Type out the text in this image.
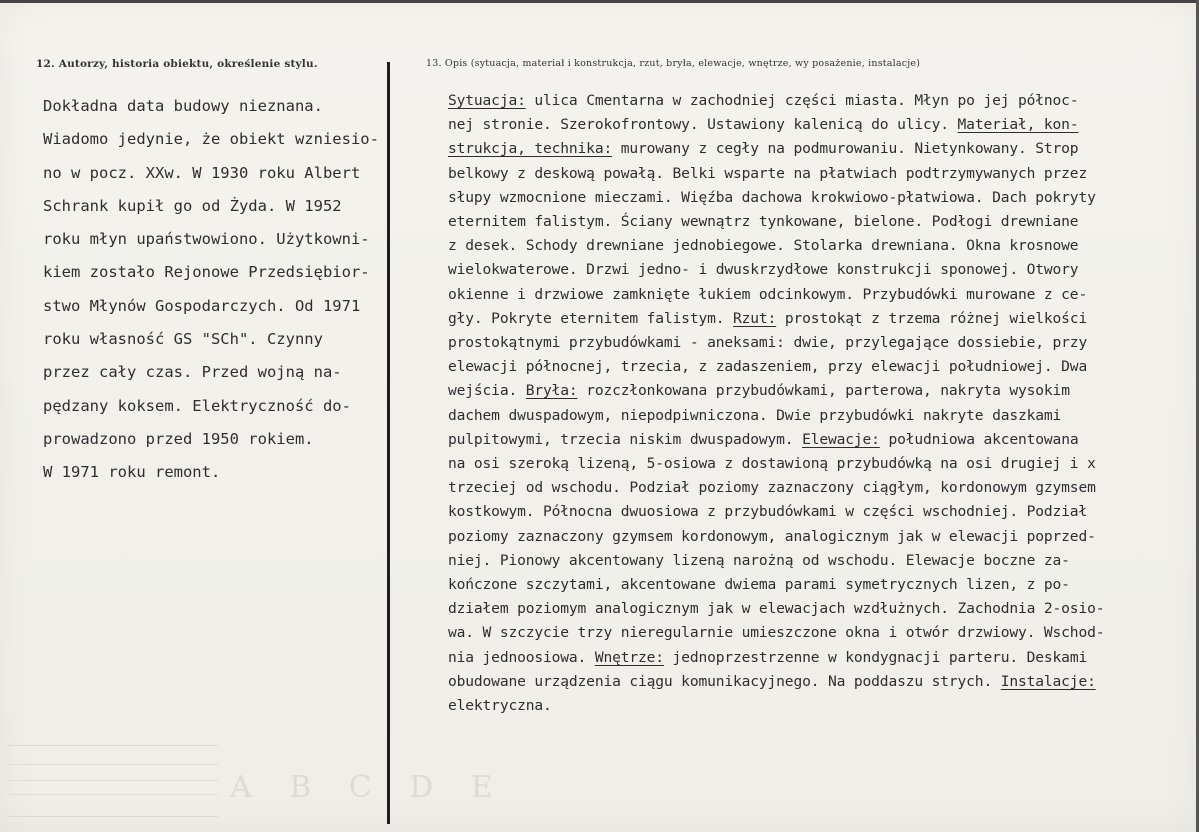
12. Autorzy, historia obiektu, określenie stylu.	13. Opis (sytuacja, materiał i konstrukcja, rzut, bryła, elewacje, wnętrze, wy posażenie, instalacje)
Dokładna data budowy nieznana.
Wiadomo jedynie, że obiekt wzniesio-
no w pocz. XXw. W 1930 roku Albert
Schrank kupił go od Żyda. W 1952
roku młyn upaństwowiono. Użytkowni-
kiem zostało Rejonowe Przedsiębior-
stwo Młynów Gospodarczych. Od 1971
roku własność GS "SCh". Czynny
przez cały czas. Przed wojną na-
pędzany koksem. Elektryczność do-
prowadzono przed 1950 rokiem.
W 1971 roku remont.
Sytuacja: ulica Cmentarna w zachodniej części miasta. Młyn po jej północ-
nej stronie. Szerokofrontowy. Ustawiony kalenicą do ulicy. Materiał, kon-
strukcja, technika: murowany z cegły na podmurowaniu. Nietynkowany. Strop
belkowy z deskową powałą. Belki wsparte na płatwiach podtrzymywanych przez
słupy wzmocnione mieczami. Więźba dachowa krokwiowo-płatwiowa. Dach pokryty
eternitem falistym. Ściany wewnątrz tynkowane, bielone. Podłogi drewniane
z desek. Schody drewniane jednobiegowe. Stolarka drewniana. Okna krosnowe
wielokwaterowe. Drzwi jedno- i dwuskrzydłowe konstrukcji sponowej. Otwory
okienne i drzwiowe zamknięte łukiem odcinkowym. Przybudówki murowane z ce-
gły. Pokryte eternitem falistym. Rzut: prostokąt z trzema różnej wielkości
prostokątnymi przybudówkami - aneksami: dwie, przylegające dossiebie, przy
elewacji północnej, trzecia, z zadaszeniem, przy elewacji południowej. Dwa
wejścia. Bryła: rozczłonkowana przybudówkami, parterowa, nakryta wysokim
dachem dwuspadowym, niepodpiwniczona. Dwie przybudówki nakryte daszkami
pulpitowymi, trzecia niskim dwuspadowym. Elewacje: południowa akcentowana
na osi szeroką lizeną, 5-osiowa z dostawioną przybudówką na osi drugiej i x
trzeciej od wschodu. Podział poziomy zaznaczony ciągłym, kordonowym gzymsem
kostkowym. Północna dwuosiowa z przybudówkami w części wschodniej. Podział
poziomy zaznaczony gzymsem kordonowym, analogicznym jak w elewacji poprzed-
niej. Pionowy akcentowany lizeną narożną od wschodu. Elewacje boczne za-
kończone szczytami, akcentowane dwiema parami symetrycznych lizen, z po-
działem poziomym analogicznym jak w elewacjach wzdłużnych. Zachodnia 2-osio-
wa. W szczycie trzy nieregularnie umieszczone okna i otwór drzwiowy. Wschod-
nia jednoosiowa. Wnętrze: jednoprzestrzenne w kondygnacji parteru. Deskami
obudowane urządzenia ciągu komunikacyjnego. Na poddaszu strych. Instalacje:
elektryczna.
A B C D E
